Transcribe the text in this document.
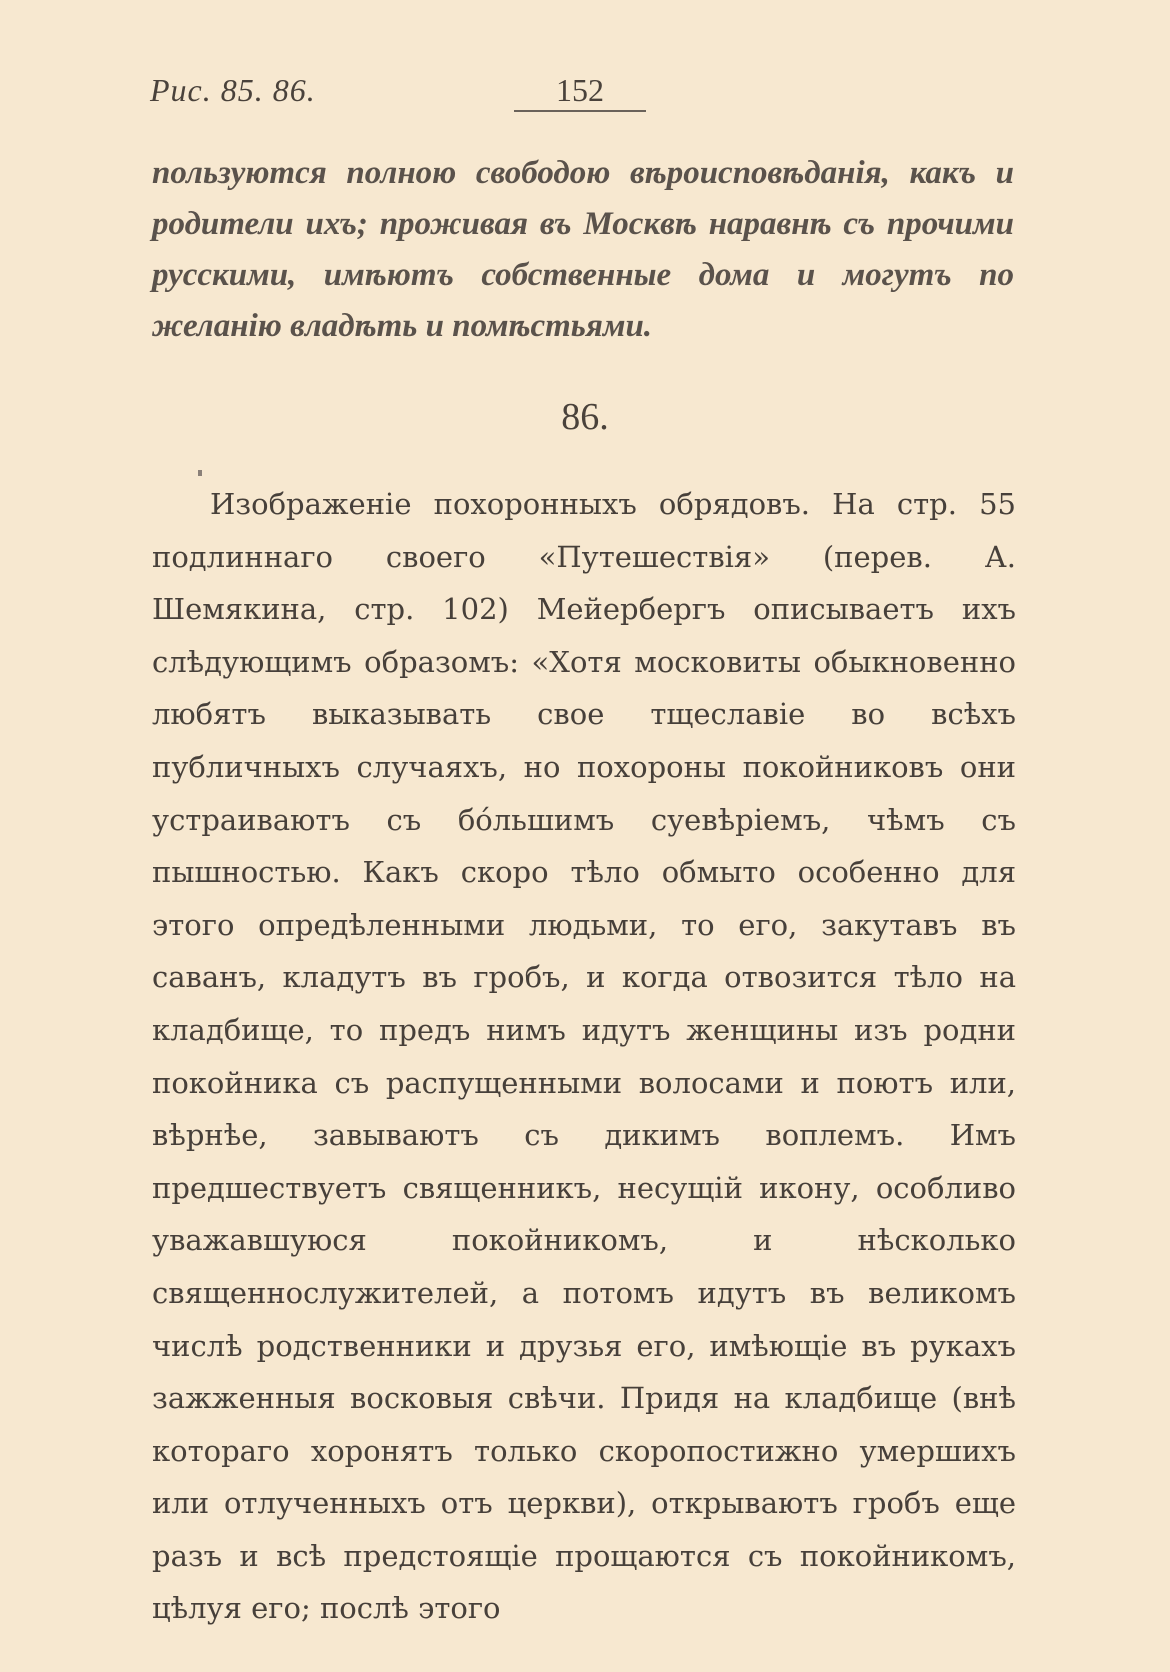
Рис. 85. 86.	152

пользуются полною свободою вѣроисповѣданія, какъ и родители ихъ; проживая въ Москвѣ наравнѣ съ прочими русскими, имѣютъ собственные дома и могутъ по желанію владѣть и помѣстьями.

86.

Изображеніе похоронныхъ обрядовъ. На стр. 55 подлиннаго своего «Путешествія» (перев. А. Шемякина, стр. 102) Мейербергъ описываетъ ихъ слѣдующимъ образомъ: «Хотя московиты обыкновенно любятъ выказывать свое тщеславіе во всѣхъ публичныхъ случаяхъ, но похороны покойниковъ они устраиваютъ съ бо́льшимъ суевѣріемъ, чѣмъ съ пышностью. Какъ скоро тѣло обмыто особенно для этого опредѣленными людьми, то его, закутавъ въ саванъ, кладутъ въ гробъ, и когда отвозится тѣло на кладбище, то предъ нимъ идутъ женщины изъ родни покойника съ распущенными волосами и поютъ или, вѣрнѣе, завываютъ съ дикимъ воплемъ. Имъ предшествуетъ священникъ, несущій икону, особливо уважавшуюся покойникомъ, и нѣсколько священнослужителей, а потомъ идутъ въ великомъ числѣ родственники и друзья его, имѣющіе въ рукахъ зажженныя восковыя свѣчи. Придя на кладбище (внѣ котораго хоронятъ только скоропостижно умершихъ или отлученныхъ отъ церкви), открываютъ гробъ еще разъ и всѣ предстоящіе прощаются съ покойникомъ, цѣлуя его; послѣ этого
